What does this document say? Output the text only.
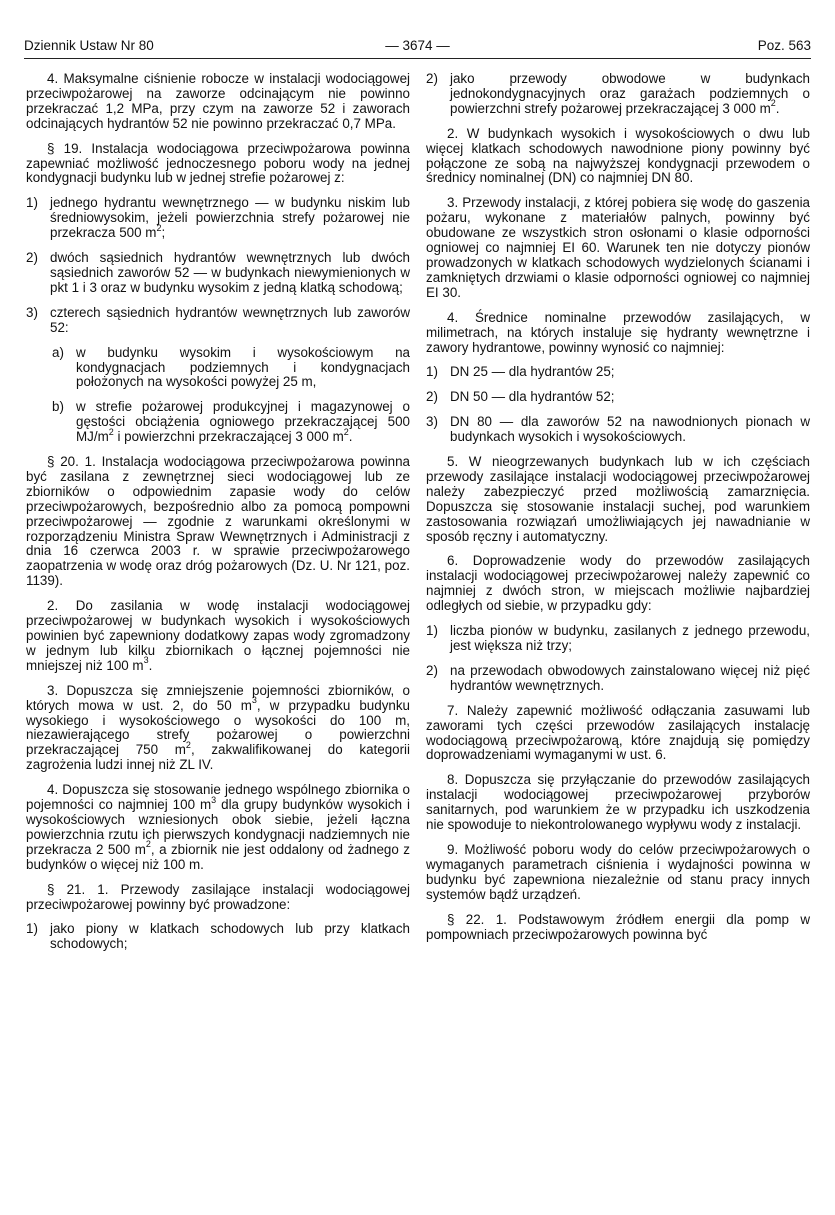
Dziennik Ustaw Nr 80	— 3674 —	Poz. 563

4. Maksymalne ciśnienie robocze w instalacji wodociągowej przeciwpożarowej na zaworze odcinającym nie powinno przekraczać 1,2 MPa, przy czym na zaworze 52 i zaworach odcinających hydrantów 52 nie powinno przekraczać 0,7 MPa.

§ 19. Instalacja wodociągowa przeciwpożarowa powinna zapewniać możliwość jednoczesnego poboru wody na jednej kondygnacji budynku lub w jednej strefie pożarowej z:

1) jednego hydrantu wewnętrznego — w budynku niskim lub średniowysokim, jeżeli powierzchnia strefy pożarowej nie przekracza 500 $m^2$;
2) dwóch sąsiednich hydrantów wewnętrznych lub dwóch sąsiednich zaworów 52 — w budynkach niewymienionych w pkt 1 i 3 oraz w budynku wysokim z jedną klatką schodową;
3) czterech sąsiednich hydrantów wewnętrznych lub zaworów 52:
a) w budynku wysokim i wysokościowym na kondygnacjach podziemnych i kondygnacjach położonych na wysokości powyżej 25 m,
b) w strefie pożarowej produkcyjnej i magazynowej o gęstości obciążenia ogniowego przekraczającej 500 $MJ/m^2$ i powierzchni przekraczającej 3 000 $m^2$.

§ 20. 1. Instalacja wodociągowa przeciwpożarowa powinna być zasilana z zewnętrznej sieci wodociągowej lub ze zbiorników o odpowiednim zapasie wody do celów przeciwpożarowych, bezpośrednio albo za pomocą pompowni przeciwpożarowej — zgodnie z warunkami określonymi w rozporządzeniu Ministra Spraw Wewnętrznych i Administracji z dnia 16 czerwca 2003 r. w sprawie przeciwpożarowego zaopatrzenia w wodę oraz dróg pożarowych (Dz. U. Nr 121, poz. 1139).

2. Do zasilania w wodę instalacji wodociągowej przeciwpożarowej w budynkach wysokich i wysokościowych powinien być zapewniony dodatkowy zapas wody zgromadzony w jednym lub kilku zbiornikach o łącznej pojemności nie mniejszej niż 100 $m^3$.

3. Dopuszcza się zmniejszenie pojemności zbiorników, o których mowa w ust. 2, do 50 $m^3$, w przypadku budynku wysokiego i wysokościowego o wysokości do 100 m, niezawierającego strefy pożarowej o powierzchni przekraczającej 750 $m^2$, zakwalifikowanej do kategorii zagrożenia ludzi innej niż ZL IV.

4. Dopuszcza się stosowanie jednego wspólnego zbiornika o pojemności co najmniej 100 $m^3$ dla grupy budynków wysokich i wysokościowych wzniesionych obok siebie, jeżeli łączna powierzchnia rzutu ich pierwszych kondygnacji nadziemnych nie przekracza 2 500 $m^2$, a zbiornik nie jest oddalony od żadnego z budynków o więcej niż 100 m.

§ 21. 1. Przewody zasilające instalacji wodociągowej przeciwpożarowej powinny być prowadzone:

1) jako piony w klatkach schodowych lub przy klatkach schodowych;
2) jako przewody obwodowe w budynkach jednokondygnacyjnych oraz garażach podziemnych o powierzchni strefy pożarowej przekraczającej 3 000 $m^2$.

2. W budynkach wysokich i wysokościowych o dwu lub więcej klatkach schodowych nawodnione piony powinny być połączone ze sobą na najwyższej kondygnacji przewodem o średnicy nominalnej (DN) co najmniej DN 80.

3. Przewody instalacji, z której pobiera się wodę do gaszenia pożaru, wykonane z materiałów palnych, powinny być obudowane ze wszystkich stron osłonami o klasie odporności ogniowej co najmniej EI 60. Warunek ten nie dotyczy pionów prowadzonych w klatkach schodowych wydzielonych ścianami i zamkniętych drzwiami o klasie odporności ogniowej co najmniej EI 30.

4. Średnice nominalne przewodów zasilających, w milimetrach, na których instaluje się hydranty wewnętrzne i zawory hydrantowe, powinny wynosić co najmniej:

1) DN 25 — dla hydrantów 25;
2) DN 50 — dla hydrantów 52;
3) DN 80 — dla zaworów 52 na nawodnionych pionach w budynkach wysokich i wysokościowych.

5. W nieogrzewanych budynkach lub w ich częściach przewody zasilające instalacji wodociągowej przeciwpożarowej należy zabezpieczyć przed możliwością zamarznięcia. Dopuszcza się stosowanie instalacji suchej, pod warunkiem zastosowania rozwiązań umożliwiających jej nawadnianie w sposób ręczny i automatyczny.

6. Doprowadzenie wody do przewodów zasilających instalacji wodociągowej przeciwpożarowej należy zapewnić co najmniej z dwóch stron, w miejscach możliwie najbardziej odległych od siebie, w przypadku gdy:

1) liczba pionów w budynku, zasilanych z jednego przewodu, jest większa niż trzy;
2) na przewodach obwodowych zainstalowano więcej niż pięć hydrantów wewnętrznych.

7. Należy zapewnić możliwość odłączania zasuwami lub zaworami tych części przewodów zasilających instalację wodociągową przeciwpożarową, które znajdują się pomiędzy doprowadzeniami wymaganymi w ust. 6.

8. Dopuszcza się przyłączanie do przewodów zasilających instalacji wodociągowej przeciwpożarowej przyborów sanitarnych, pod warunkiem że w przypadku ich uszkodzenia nie spowoduje to niekontrolowanego wypływu wody z instalacji.

9. Możliwość poboru wody do celów przeciwpożarowych o wymaganych parametrach ciśnienia i wydajności powinna w budynku być zapewniona niezależnie od stanu pracy innych systemów bądź urządzeń.

§ 22. 1. Podstawowym źródłem energii dla pomp w pompowniach przeciwpożarowych powinna być
